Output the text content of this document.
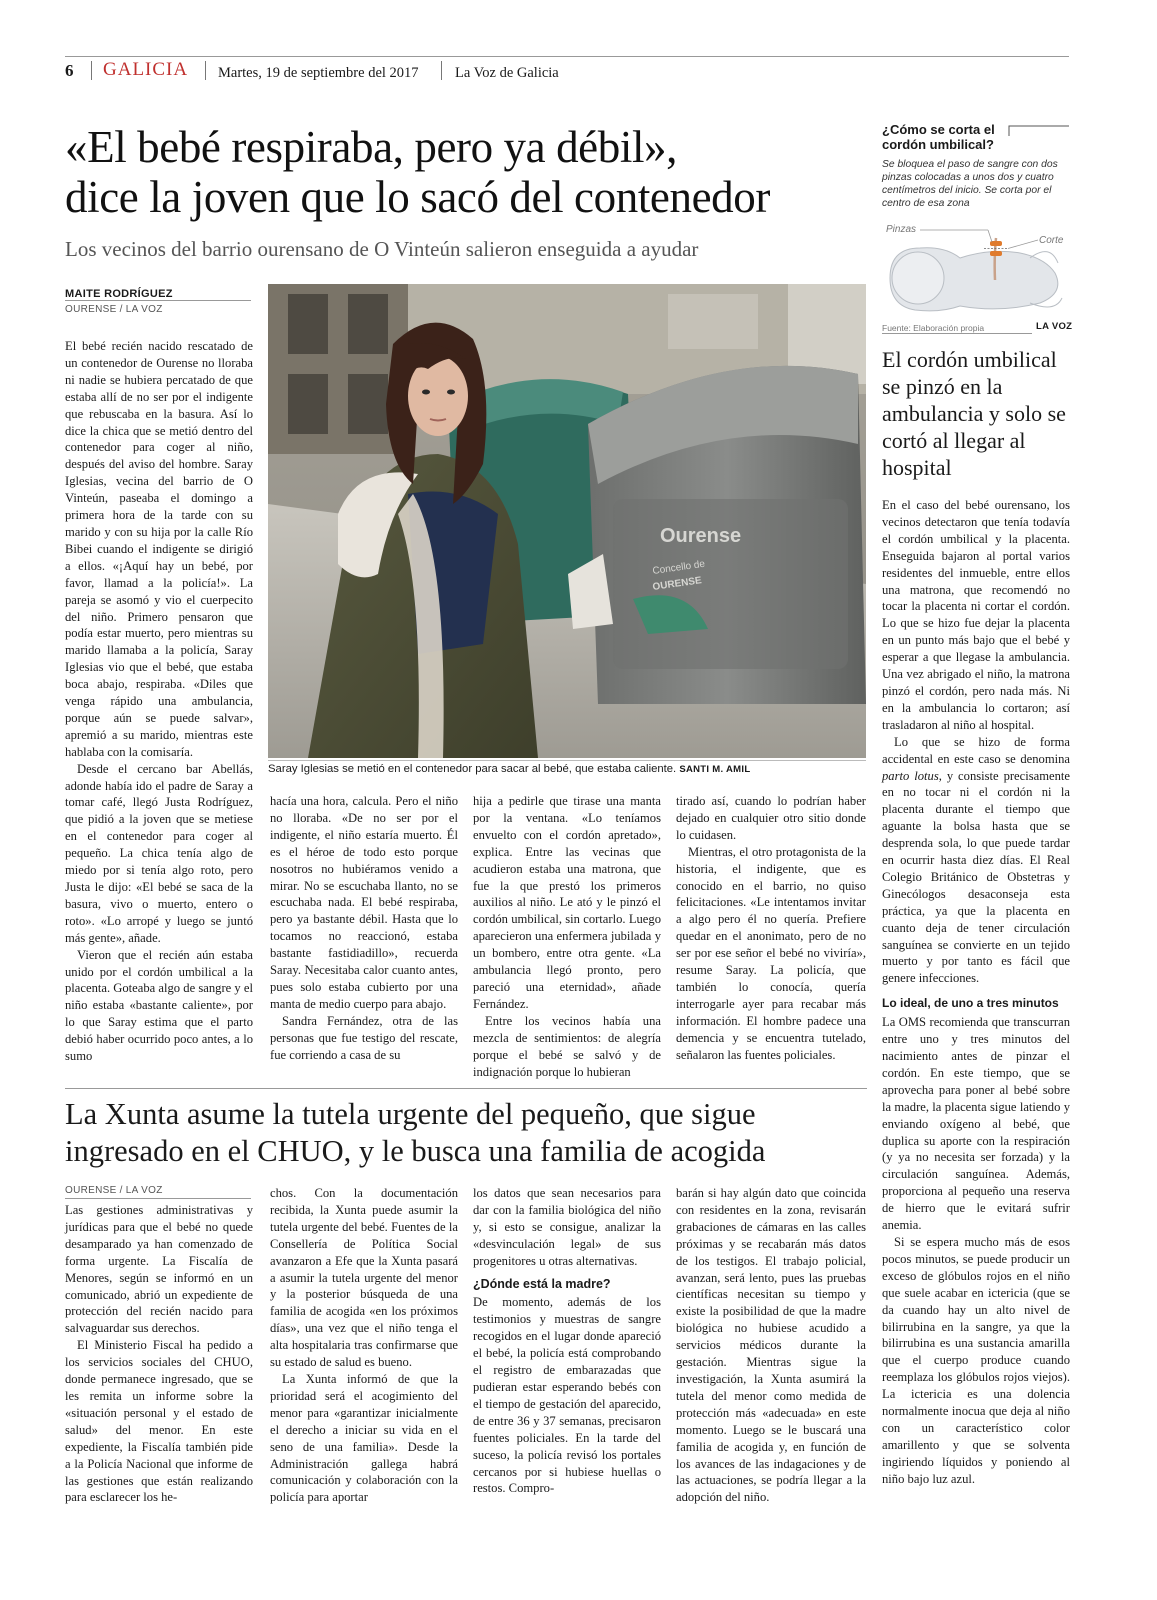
6 GALICIA Martes, 19 de septiembre del 2017	La Voz de Galicia
«El bebé respiraba, pero ya débil»,
dice la joven que lo sacó del contenedor
Los vecinos del barrio ourensano de O Vinteún salieron enseguida a ayudar
MAITE RODRÍGUEZ
OURENSE / LA VOZ

El bebé recién nacido rescatado de un contenedor de Ourense no lloraba ni nadie se hubiera percatado de que estaba allí de no ser por el indigente que rebuscaba en la basura. Así lo dice la chica que se metió dentro del contenedor para coger al niño, después del aviso del hombre. Saray Iglesias, vecina del barrio de O Vinteún, paseaba el domingo a primera hora de la tarde con su marido y con su hija por la calle Río Bibei cuando el indigente se dirigió a ellos. «¡Aquí hay un bebé, por favor, llamad a la policía!». La pareja se asomó y vio el cuerpecito del niño. Primero pensaron que podía estar muerto, pero mientras su marido llamaba a la policía, Saray Iglesias vio que el bebé, que estaba boca abajo, respiraba. «Diles que venga rápido una ambulancia, porque aún se puede salvar», apremió a su marido, mientras este hablaba con la comisaría.

Desde el cercano bar Abellás, adonde había ido el padre de Saray a tomar café, llegó Justa Rodríguez, que pidió a la joven que se metiese en el contenedor para coger al pequeño. La chica tenía algo de miedo por si tenía algo roto, pero Justa le dijo: «El bebé se saca de la basura, vivo o muerto, entero o roto». «Lo arropé y luego se juntó más gente», añade.

Vieron que el recién aún estaba unido por el cordón umbilical a la placenta. Goteaba algo de sangre y el niño estaba «bastante caliente», por lo que Saray estima que el parto debió haber ocurrido poco antes, a lo sumo

Ourense
Concello de
OURENSE
Saray Iglesias se metió en el contenedor para sacar al bebé, que estaba caliente. SANTI M. AMIL

hacía una hora, calcula. Pero el niño no lloraba. «De no ser por el indigente, el niño estaría muerto. Él es el héroe de todo esto porque nosotros no hubiéramos venido a mirar. No se escuchaba llanto, no se escuchaba nada. El bebé respiraba, pero ya bastante débil. Hasta que lo tocamos no reaccionó, estaba bastante fastidiadillo», recuerda Saray. Necesitaba calor cuanto antes, pues solo estaba cubierto por una manta de medio cuerpo para abajo.

Sandra Fernández, otra de las personas que fue testigo del rescate, fue corriendo a casa de su

hija a pedirle que tirase una manta por la ventana. «Lo teníamos envuelto con el cordón apretado», explica. Entre las vecinas que acudieron estaba una matrona, que fue la que prestó los primeros auxilios al niño. Le ató y le pinzó el cordón umbilical, sin cortarlo. Luego aparecieron una enfermera jubilada y un bombero, entre otra gente. «La ambulancia llegó pronto, pero pareció una eternidad», añade Fernández.

Entre los vecinos había una mezcla de sentimientos: de alegría porque el bebé se salvó y de indignación porque lo hubieran

tirado así, cuando lo podrían haber dejado en cualquier otro sitio donde lo cuidasen.

Mientras, el otro protagonista de la historia, el indigente, que es conocido en el barrio, no quiso felicitaciones. «Le intentamos invitar a algo pero él no quería. Prefiere quedar en el anonimato, pero de no ser por ese señor el bebé no viviría», resume Saray. La policía, que también lo conocía, quería interrogarle ayer para recabar más información. El hombre padece una demencia y se encuentra tutelado, señalaron las fuentes policiales.

¿Cómo se corta el cordón umbilical?
Se bloquea el paso de sangre con dos pinzas colocadas a unos dos y cuatro centímetros del inicio. Se corta por el centro de esa zona
Pinzas
Corte
Fuente: Elaboración propia	LA VOZ
El cordón umbilical se pinzó en la ambulancia y solo se cortó al llegar al hospital

En el caso del bebé ourensano, los vecinos detectaron que tenía todavía el cordón umbilical y la placenta. Enseguida bajaron al portal varios residentes del inmueble, entre ellos una matrona, que recomendó no tocar la placenta ni cortar el cordón. Lo que se hizo fue dejar la placenta en un punto más bajo que el bebé y esperar a que llegase la ambulancia. Una vez abrigado el niño, la matrona pinzó el cordón, pero nada más. Ni en la ambulancia lo cortaron; así trasladaron al niño al hospital.

Lo que se hizo de forma accidental en este caso se denomina parto lotus, y consiste precisamente en no tocar ni el cordón ni la placenta durante el tiempo que aguante la bolsa hasta que se desprenda sola, lo que puede tardar en ocurrir hasta diez días. El Real Colegio Británico de Obstetras y Ginecólogos desaconseja esta práctica, ya que la placenta en cuanto deja de tener circulación sanguínea se convierte en un tejido muerto y por tanto es fácil que genere infecciones.

Lo ideal, de uno a tres minutos

La OMS recomienda que transcurran entre uno y tres minutos del nacimiento antes de pinzar el cordón. En este tiempo, que se aprovecha para poner al bebé sobre la madre, la placenta sigue latiendo y enviando oxígeno al bebé, que duplica su aporte con la respiración (y ya no necesita ser forzada) y la circulación sanguínea. Además, proporciona al pequeño una reserva de hierro que le evitará sufrir anemia.

Si se espera mucho más de esos pocos minutos, se puede producir un exceso de glóbulos rojos en el niño que suele acabar en ictericia (que se da cuando hay un alto nivel de bilirrubina en la sangre, ya que la bilirrubina es una sustancia amarilla que el cuerpo produce cuando reemplaza los glóbulos rojos viejos). La ictericia es una dolencia normalmente inocua que deja al niño con un característico color amarillento y que se solventa ingiriendo líquidos y poniendo al niño bajo luz azul.

La Xunta asume la tutela urgente del pequeño, que sigue
ingresado en el CHUO, y le busca una familia de acogida
OURENSE / LA VOZ

Las gestiones administrativas y jurídicas para que el bebé no quede desamparado ya han comenzado de forma urgente. La Fiscalía de Menores, según se informó en un comunicado, abrió un expediente de protección del recién nacido para salvaguardar sus derechos.

El Ministerio Fiscal ha pedido a los servicios sociales del CHUO, donde permanece ingresado, que se les remita un informe sobre la «situación personal y el estado de salud» del menor. En este expediente, la Fiscalía también pide a la Policía Nacional que informe de las gestiones que están realizando para esclarecer los he-

chos. Con la documentación recibida, la Xunta puede asumir la tutela urgente del bebé. Fuentes de la Consellería de Política Social avanzaron a Efe que la Xunta pasará a asumir la tutela urgente del menor y la posterior búsqueda de una familia de acogida «en los próximos días», una vez que el niño tenga el alta hospitalaria tras confirmarse que su estado de salud es bueno.

La Xunta informó de que la prioridad será el acogimiento del menor para «garantizar inicialmente el derecho a iniciar su vida en el seno de una familia». Desde la Administración gallega habrá comunicación y colaboración con la policía para aportar

los datos que sean necesarios para dar con la familia biológica del niño y, si esto se consigue, analizar la «desvinculación legal» de sus progenitores u otras alternativas.

¿Dónde está la madre?

De momento, además de los testimonios y muestras de sangre recogidos en el lugar donde apareció el bebé, la policía está comprobando el registro de embarazadas que pudieran estar esperando bebés con el tiempo de gestación del aparecido, de entre 36 y 37 semanas, precisaron fuentes policiales. En la tarde del suceso, la policía revisó los portales cercanos por si hubiese huellas o restos. Compro-

barán si hay algún dato que coincida con residentes en la zona, revisarán grabaciones de cámaras en las calles próximas y se recabarán más datos de los testigos. El trabajo policial, avanzan, será lento, pues las pruebas científicas necesitan su tiempo y existe la posibilidad de que la madre biológica no hubiese acudido a servicios médicos durante la gestación. Mientras sigue la investigación, la Xunta asumirá la tutela del menor como medida de protección más «adecuada» en este momento. Luego se le buscará una familia de acogida y, en función de los avances de las indagaciones y de las actuaciones, se podría llegar a la adopción del niño.
